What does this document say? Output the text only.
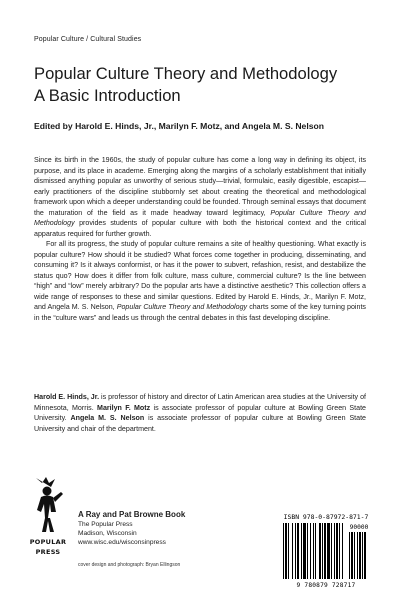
Popular Culture / Cultural Studies
Popular Culture Theory and Methodology
A Basic Introduction
Edited by Harold E. Hinds, Jr., Marilyn F. Motz, and Angela M. S. Nelson

Since its birth in the 1960s, the study of popular culture has come a long way in defining its object, its purpose, and its place in academe. Emerging along the margins of a scholarly establishment that initially dismissed anything popular as unworthy of serious study—trivial, formulaic, easily digestible, escapist—early practitioners of the discipline stubbornly set about creating the theoretical and methodological framework upon which a deeper understanding could be founded. Through seminal essays that document the maturation of the field as it made headway toward legitimacy, Popular Culture Theory and Methodology provides students of popular culture with both the historical context and the critical apparatus required for further growth.

For all its progress, the study of popular culture remains a site of healthy questioning. What exactly is popular culture? How should it be studied? What forces come together in producing, disseminating, and consuming it? Is it always conformist, or has it the power to subvert, refashion, resist, and destabilize the status quo? How does it differ from folk culture, mass culture, commercial culture? Is the line between “high” and “low” merely arbitrary? Do the popular arts have a distinctive aesthetic? This collection offers a wide range of responses to these and similar questions. Edited by Harold E. Hinds, Jr., Marilyn F. Motz, and Angela M. S. Nelson, Popular Culture Theory and Methodology charts some of the key turning points in the “culture wars” and leads us through the central debates in this fast developing discipline.

Harold E. Hinds, Jr. is professor of history and director of Latin American area studies at the University of Minnesota, Morris. Marilyn F. Motz is associate professor of popular culture at Bowling Green State University. Angela M. S. Nelson is associate professor of popular culture at Bowling Green State University and chair of the department.

POPULAR
PRESS
A Ray and Pat Browne Book
The Popular Press
Madison, Wisconsin
www.wisc.edu/wisconsinpress
cover design and photograph: Bryan Ellingson
ISBN 978-0-87972-871-7
90000
9 780879 728717
